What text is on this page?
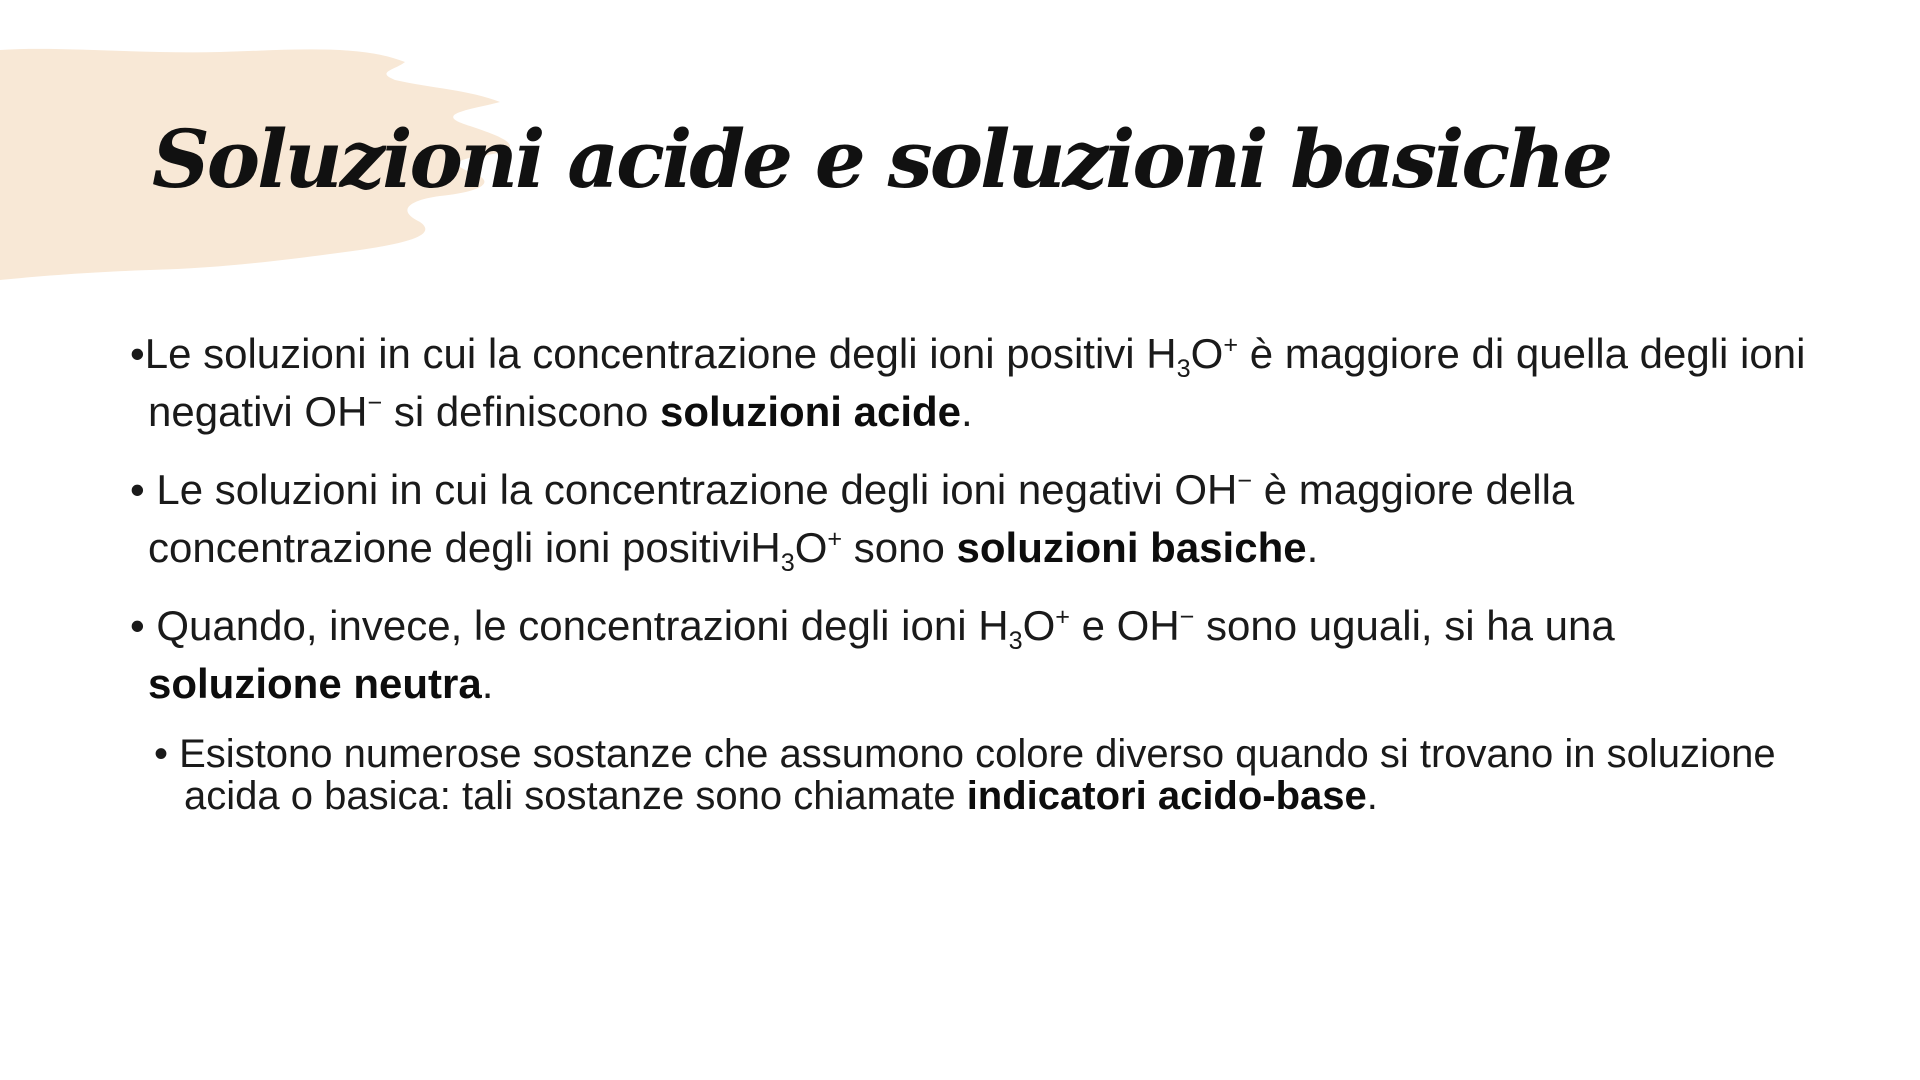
Soluzioni acide e soluzioni basiche

•Le soluzioni in cui la concentrazione degli ioni positivi $H_3O^+$ è maggiore di quella degli ioni negativi OH− si definiscono soluzioni acide.

• Le soluzioni in cui la concentrazione degli ioni negativi OH− è maggiore della concentrazione degli ioni positiviH$_3$O+ sono soluzioni basiche.

• Quando, invece, le concentrazioni degli ioni $H_3O^+$ e OH− sono uguali, si ha una soluzione neutra.

• Esistono numerose sostanze che assumono colore diverso quando si trovano in soluzione acida o basica: tali sostanze sono chiamate indicatori acido-base.
